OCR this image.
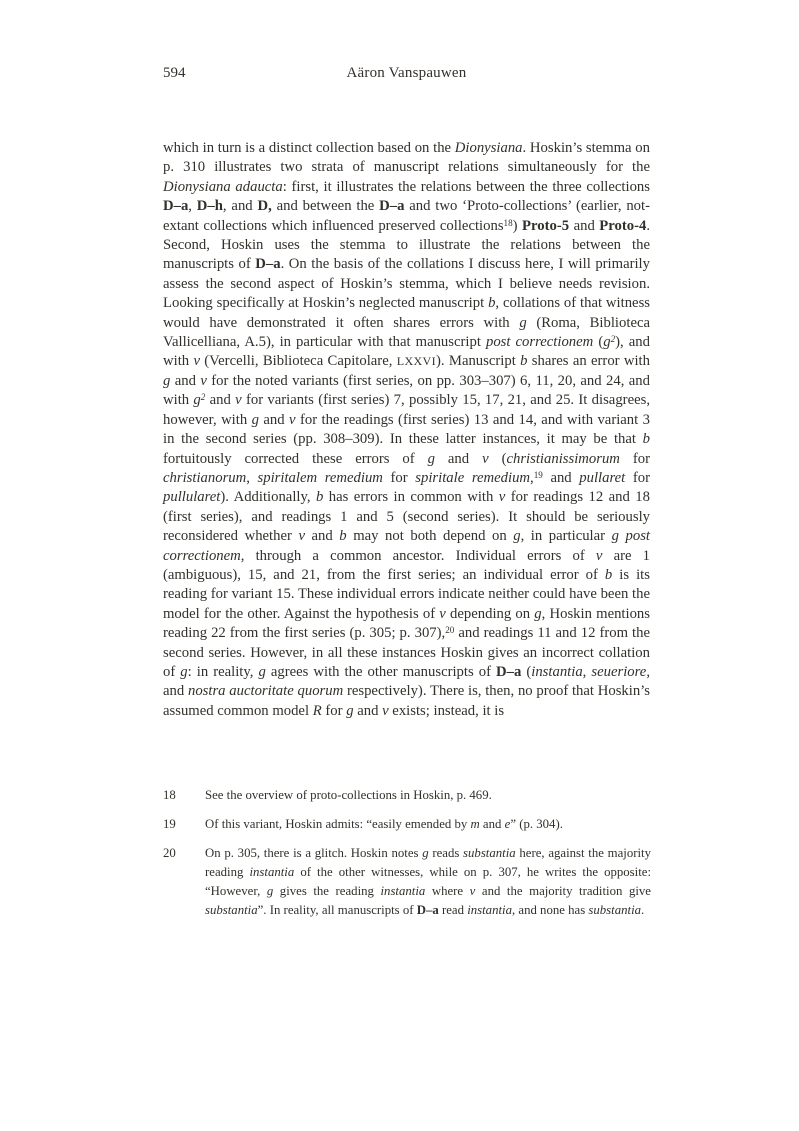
594	Aäron Vanspauwen

which in turn is a distinct collection based on the Dionysiana. Hoskin’s stemma on p. 310 illustrates two strata of manuscript relations simultaneously for the Dionysiana adaucta: first, it illustrates the relations between the three collections D–a, D–h, and D, and between the D–a and two ‘Proto-collections’ (earlier, not-extant collections which influenced preserved collections$^{18}$) Proto-5 and Proto-4. Second, Hoskin uses the stemma to illustrate the relations between the manuscripts of D–a. On the basis of the collations I discuss here, I will primarily assess the second aspect of Hoskin’s stemma, which I believe needs revision. Looking specifically at Hoskin’s neglected manuscript b, collations of that witness would have demonstrated it often shares errors with g (Roma, Biblioteca Vallicelliana, A.5), in particular with that manuscript post correctionem $(g^2)$, and with v (Vercelli, Biblioteca Capitolare, LXXVI). Manuscript b shares an error with g and v for the noted variants (first series, on pp. 303–307) 6, 11, 20, and 24, and with $g^2$ and v for variants (first series) 7, possibly 15, 17, 21, and 25. It disagrees, however, with g and v for the readings (first series) 13 and 14, and with variant 3 in the second series (pp. 308–309). In these latter instances, it may be that b fortuitously corrected these errors of g and v (christianissimorum for christianorum, spiritalem remedium for spiritale remedium,$^{19}$ and pullaret for pullularet). Additionally, b has errors in common with v for readings 12 and 18 (first series), and readings 1 and 5 (second series). It should be seriously reconsidered whether v and b may not both depend on g, in particular g post correctionem, through a common ancestor. Individual errors of v are 1 (ambiguous), 15, and 21, from the first series; an individual error of b is its reading for variant 15. These individual errors indicate neither could have been the model for the other. Against the hypothesis of v depending on g, Hoskin mentions reading 22 from the first series (p. 305; p. 307),$^{20}$ and readings 11 and 12 from the second series. However, in all these instances Hoskin gives an incorrect collation of g: in reality, g agrees with the other manuscripts of D–a (instantia, seueriore, and nostra auctoritate quorum respectively). There is, then, no proof that Hoskin’s assumed common model R for g and v exists; instead, it is

18	See the overview of proto-collections in Hoskin, p. 469.

19	Of this variant, Hoskin admits: “easily emended by m and e” (p. 304).

20	On p. 305, there is a glitch. Hoskin notes g reads substantia here, against the majority reading instantia of the other witnesses, while on p. 307, he writes the opposite: “However, g gives the reading instantia where v and the majority tradition give substantia”. In reality, all manuscripts of D–a read instantia, and none has substantia.
